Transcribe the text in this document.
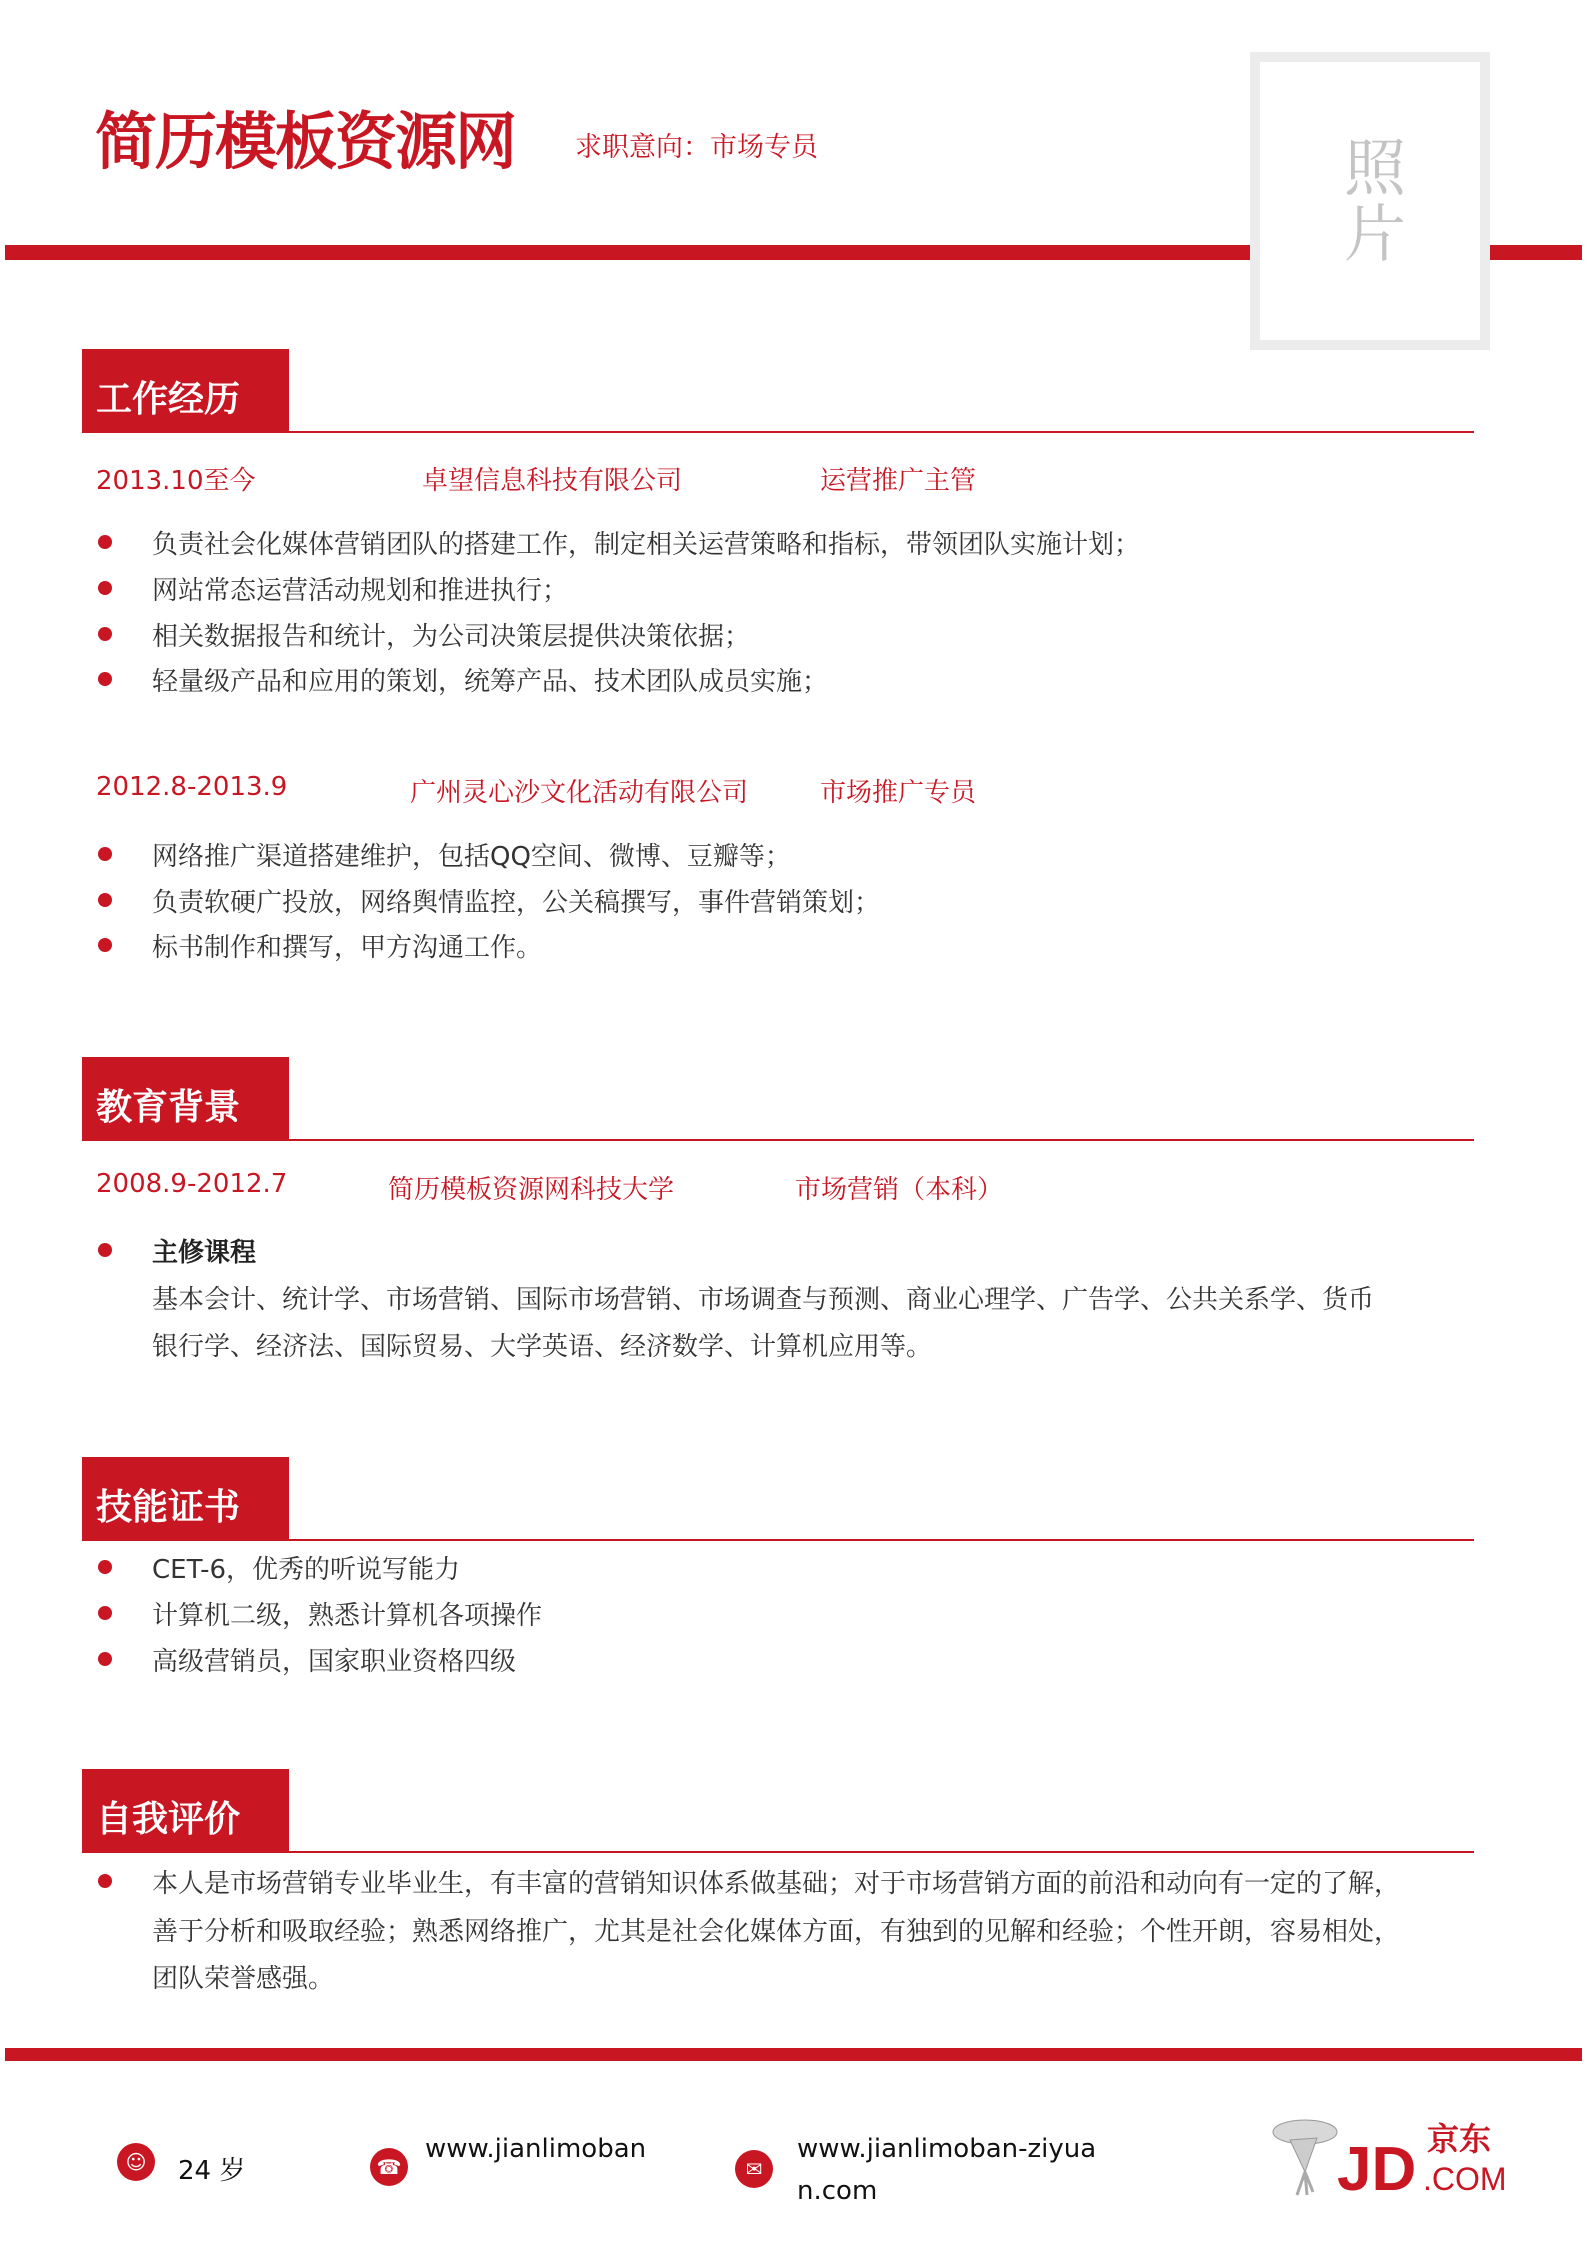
简历模板资源网 求职意向：市场专员	照片
工作经历
2013.10至今	卓望信息科技有限公司	运营推广主管
负责社会化媒体营销团队的搭建工作，制定相关运营策略和指标，带领团队实施计划；
网站常态运营活动规划和推进执行；
相关数据报告和统计，为公司决策层提供决策依据；
轻量级产品和应用的策划，统筹产品、技术团队成员实施；
2012.8-2013.9	广州灵心沙文化活动有限公司	市场推广专员
网络推广渠道搭建维护，包括QQ空间、微博、豆瓣等；
负责软硬广投放，网络舆情监控，公关稿撰写，事件营销策划；
标书制作和撰写，甲方沟通工作。
教育背景
2008.9-2012.7	简历模板资源网科技大学	市场营销（本科）
主修课程
基本会计、统计学、市场营销、国际市场营销、市场调查与预测、商业心理学、广告学、公共关系学、货币
银行学、经济法、国际贸易、大学英语、经济数学、计算机应用等。
技能证书
CET-6，优秀的听说写能力
计算机二级，熟悉计算机各项操作
高级营销员，国家职业资格四级
自我评价
本人是市场营销专业毕业生，有丰富的营销知识体系做基础；对于市场营销方面的前沿和动向有一定的了解，
善于分析和吸取经验；熟悉网络推广，尤其是社会化媒体方面，有独到的见解和经验；个性开朗，容易相处，
团队荣誉感强。
☺	24 岁	☎
www.jianlimoban
✉
www.jianlimoban-ziyua
n.com	JD 京东
.COM
